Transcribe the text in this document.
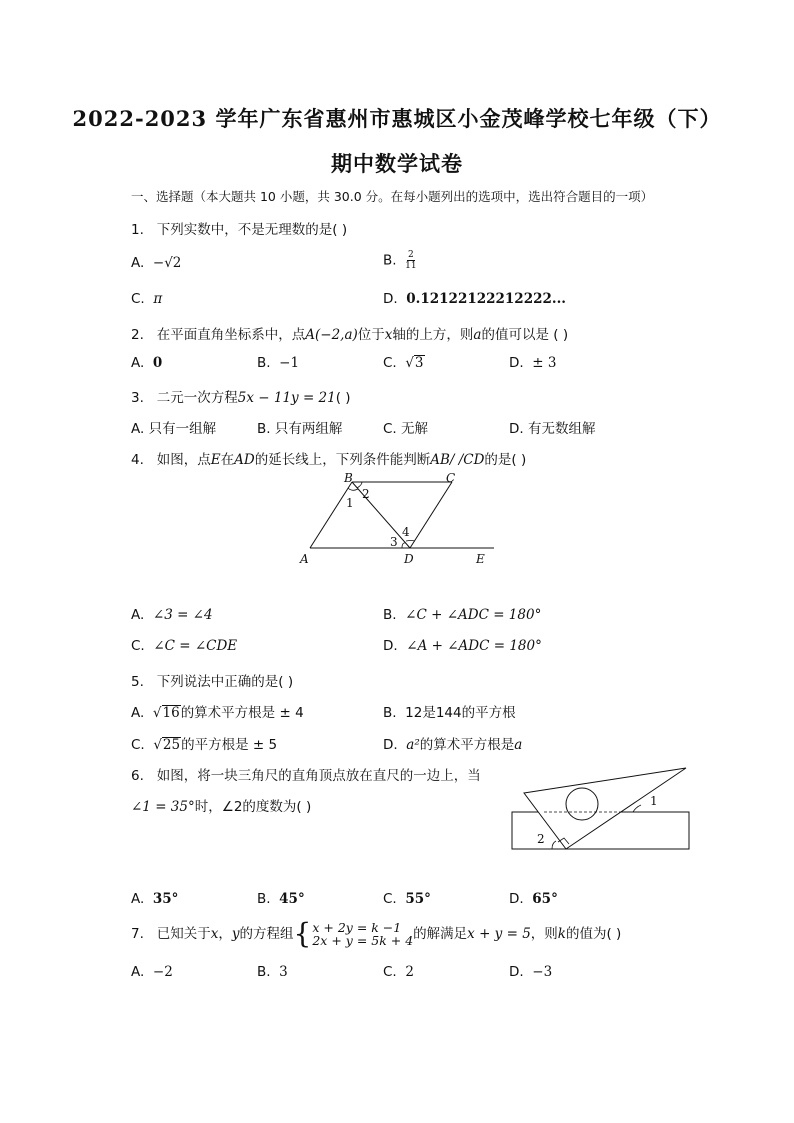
2022-2023 学年广东省惠州市惠城区小金茂峰学校七年级（下）
期中数学试卷
一、选择题（本大题共 10 小题，共 30.0 分。在每小题列出的选项中，选出符合题目的一项）
1. 下列实数中，不是无理数的是( )
A. −√2	B. $\frac{2}{11}$
C. π	D. 0.12122122212222...
2. 在平面直角坐标系中，点A(−2,a)位于x轴的上方，则a的值可以是 ( )
A. 0	B. −1	C. √3	D. ± 3
3. 二元一次方程5x − 11y = 21( )
A. 只有一组解	B. 只有两组解	C. 无解	D. 有无数组解
4. 如图，点E在AD的延长线上，下列条件能判断AB/ /CD的是( )
B	C
A	D	E
1
2
3
4
A. ∠3 = ∠4	B. ∠C + ∠ADC = 180°
C. ∠C = ∠CDE	D. ∠A + ∠ADC = 180°
5. 下列说法中正确的是( )
A. √16的算术平方根是 ± 4	B. 12是144的平方根
C. √25的平方根是 ± 5	D. a²的算术平方根是a
6. 如图，将一块三角尺的直角顶点放在直尺的一边上，当
∠1 = 35°时，∠2的度数为( )	1
2
A. 35°	B. 45°	C. 55°	D. 65°
7. 已知关于x，y的方程组 { x + 2y = k −1
2x + y = 5k + 4 的解满足x + y = 5，则k的值为( )
A. −2	B. 3	C. 2	D. −3
